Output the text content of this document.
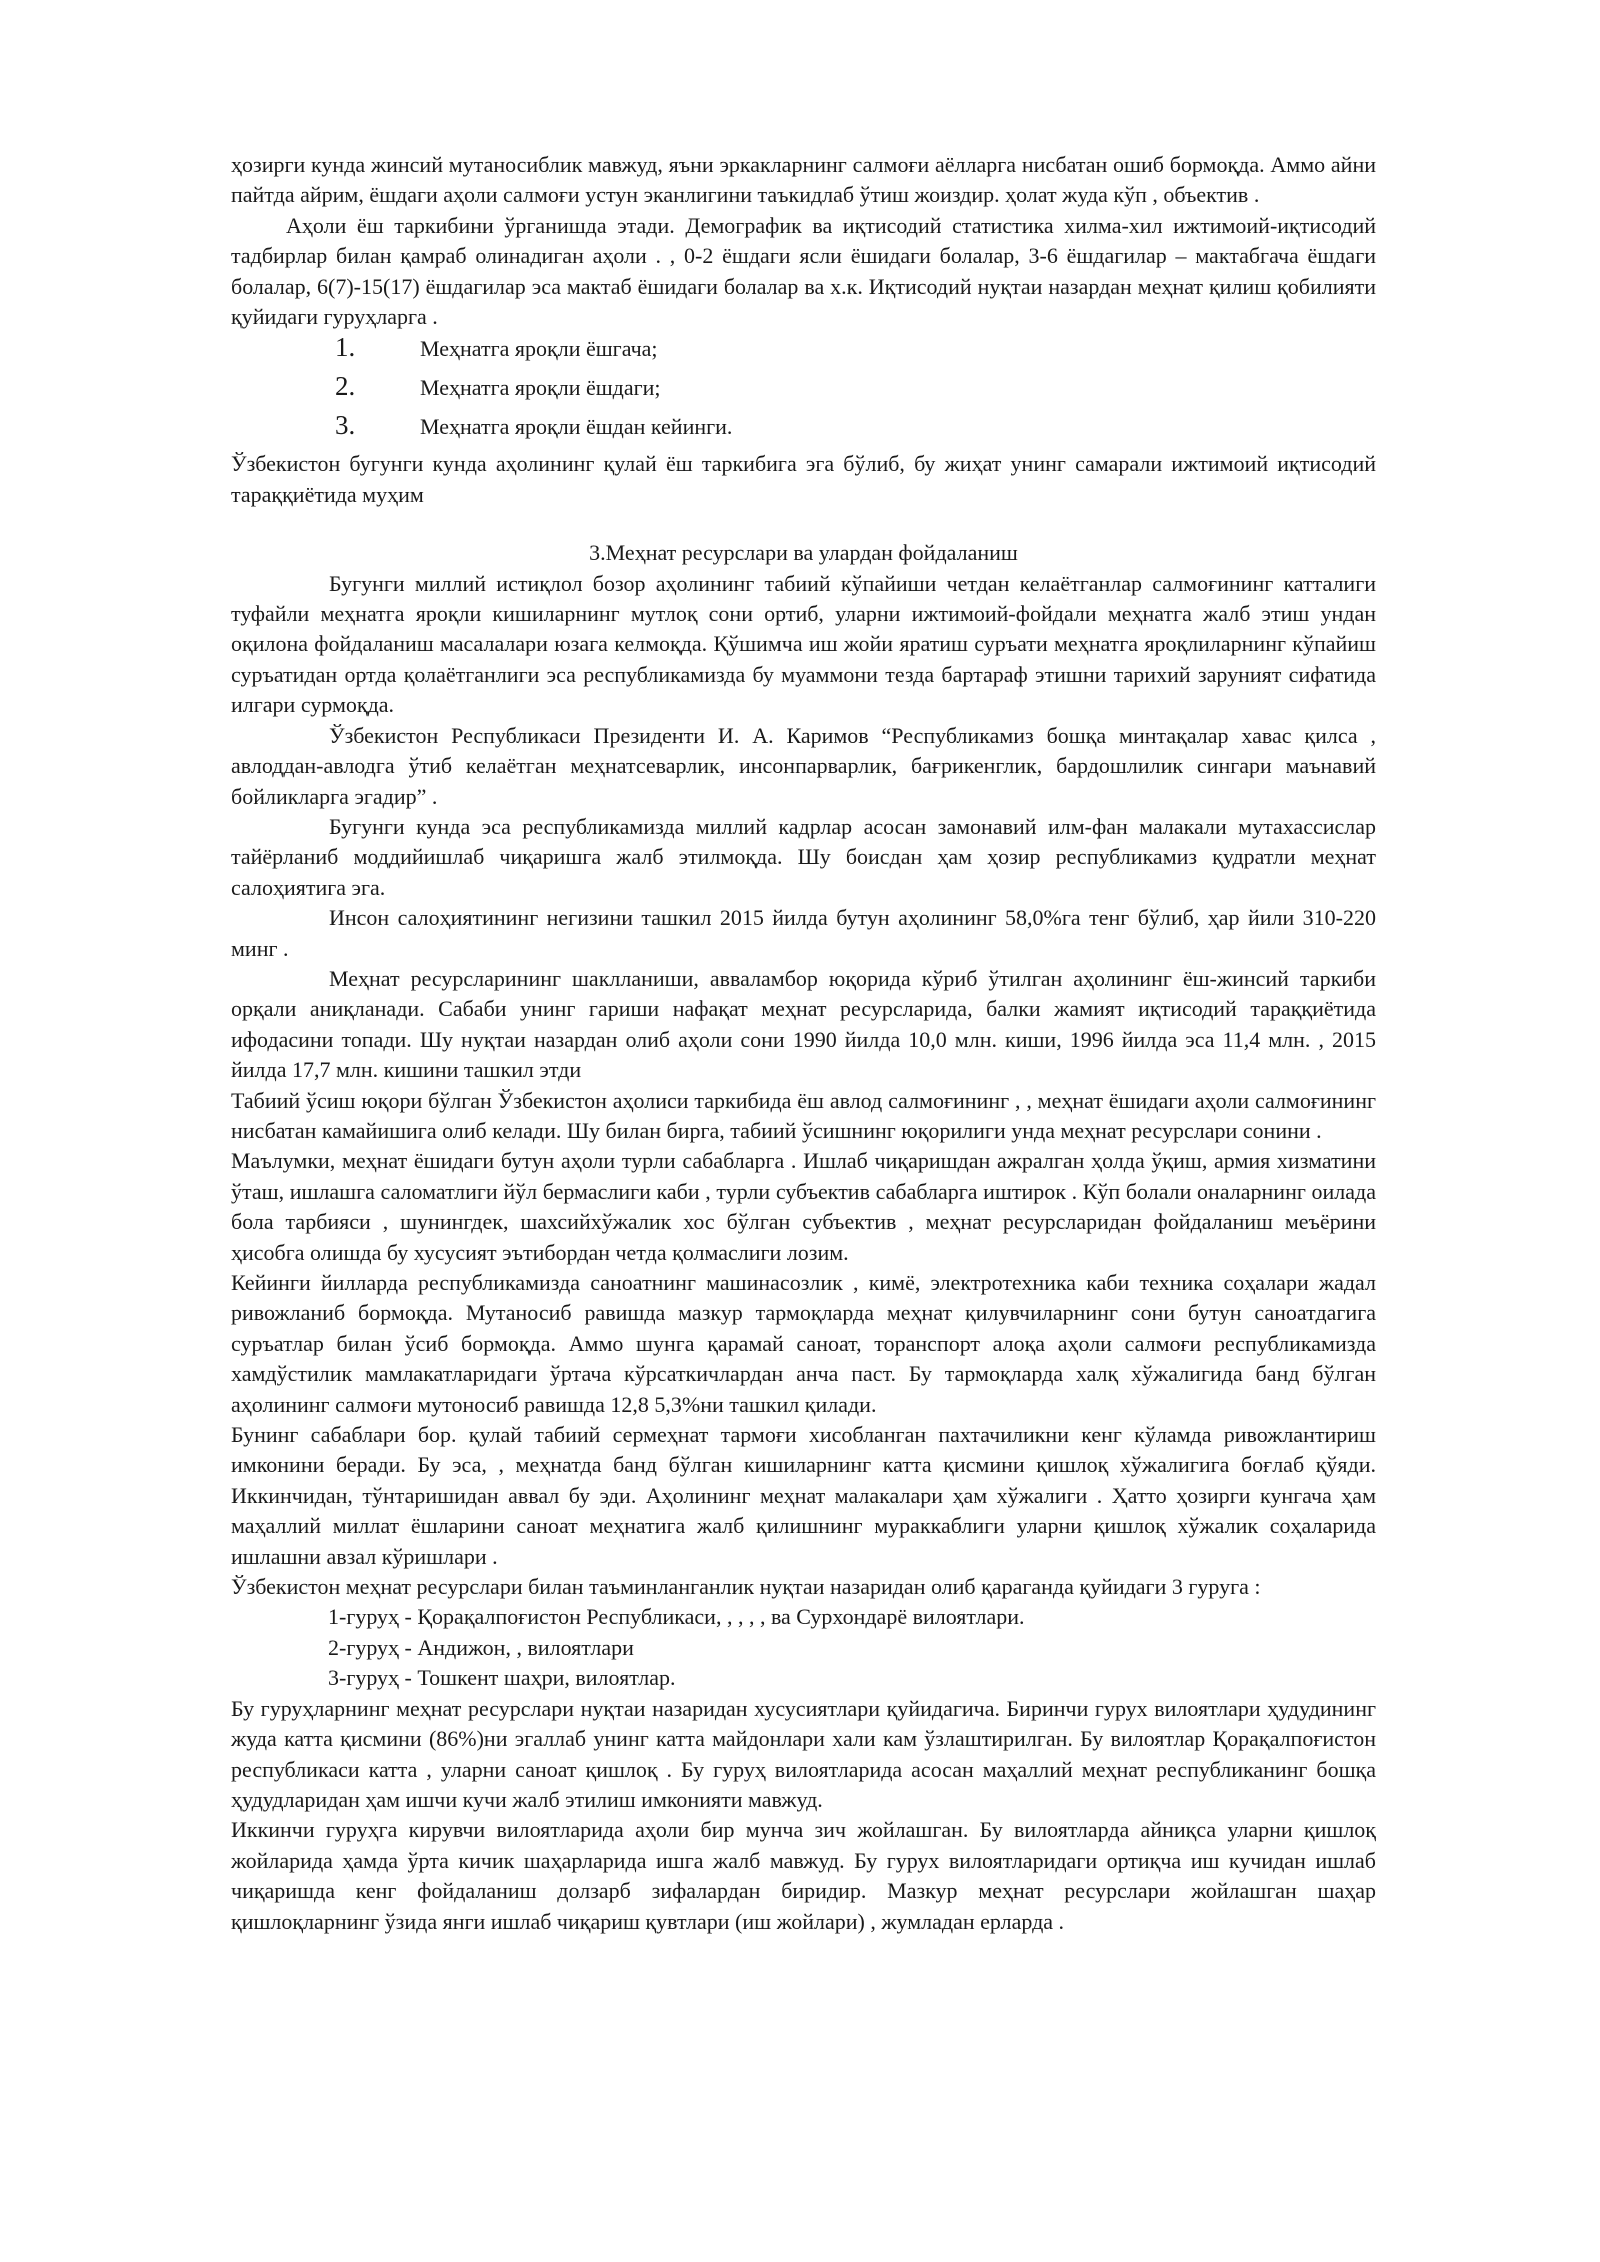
ҳозирги кунда жинсий мутаносиблик мавжуд, яъни эркакларнинг салмоғи аёлларга нисбатан ошиб бормоқда. Аммо айни пайтда айрим, ёшдаги аҳоли салмоғи устун эканлигини таъкидлаб ўтиш жоиздир. ҳолат жуда кўп , объектив .

Аҳоли ёш таркибини ўрганишда этади. Демографик ва иқтисодий статистика хилма-хил ижтимоий-иқтисодий тадбирлар билан қамраб олинадиган аҳоли . , 0-2 ёшдаги ясли ёшидаги болалар, 3-6 ёшдагилар – мактабгача ёшдаги болалар, 6(7)-15(17) ёшдагилар эса мактаб ёшидаги болалар ва х.к. Иқтисодий нуқтаи назардан меҳнат қилиш қобилияти қуйидаги гуруҳларга .

1.	Меҳнатга яроқли ёшгача;
2.	Меҳнатга яроқли ёшдаги;
3.	Меҳнатга яроқли ёшдан кейинги.

Ўзбекистон бугунги кунда аҳолининг қулай ёш таркибига эга бўлиб, бу жиҳат унинг самарали ижтимоий иқтисодий тараққиётида муҳим

3.Меҳнат ресурслари ва улардан фойдаланиш

Бугунги миллий истиқлол бозор аҳолининг табиий кўпайиши четдан келаётганлар салмоғининг катталиги туфайли меҳнатга яроқли кишиларнинг мутлоқ сони ортиб, уларни ижтимоий-фойдали меҳнатга жалб этиш ундан оқилона фойдаланиш масалалари юзага келмоқда. Қўшимча иш жойи яратиш суръати меҳнатга яроқлиларнинг кўпайиш суръатидан ортда қолаётганлиги эса республикамизда бу муаммони тезда бартараф этишни тарихий заруният сифатида илгари сурмоқда.

Ўзбекистон Республикаси Президенти И. А. Каримов “Республикамиз бошқа минтақалар хавас қилса , авлоддан-авлодга ўтиб келаётган меҳнатсеварлик, инсонпарварлик, бағрикенглик, бардошлилик сингари маънавий бойликларга эгадир” .

Бугунги кунда эса республикамизда миллий кадрлар асосан замонавий илм-фан малакали мутахассислар тайёрланиб моддийишлаб чиқаришга жалб этилмоқда. Шу боисдан ҳам ҳозир республикамиз қудратли меҳнат салоҳиятига эга.

Инсон салоҳиятининг негизини ташкил 2015 йилда бутун аҳолининг 58,0%га тенг бўлиб, ҳар йили 310-220 минг .

Меҳнат ресурсларининг шаклланиши, авваламбор юқорида кўриб ўтилган аҳолининг ёш-жинсий таркиби орқали аниқланади. Сабаби унинг гариши нафақат меҳнат ресурсларида, балки жамият иқтисодий тараққиётида ифодасини топади. Шу нуқтаи назардан олиб аҳоли сони 1990 йилда 10,0 млн. киши, 1996 йилда эса 11,4 млн. , 2015 йилда 17,7 млн. кишини ташкил этди

Табиий ўсиш юқори бўлган Ўзбекистон аҳолиси таркибида ёш авлод салмоғининг , , меҳнат ёшидаги аҳоли салмоғининг нисбатан камайишига олиб келади. Шу билан бирга, табиий ўсишнинг юқорилиги унда меҳнат ресурслари сонини .

Маълумки, меҳнат ёшидаги бутун аҳоли турли сабабларга . Ишлаб чиқаришдан ажралган ҳолда ўқиш, армия хизматини ўташ, ишлашга саломатлиги йўл бермаслиги каби , турли субъектив сабабларга иштирок . Кўп болали оналарнинг оилада бола тарбияси , шунингдек, шахсийхўжалик хос бўлган субъектив , меҳнат ресурсларидан фойдаланиш меъёрини ҳисобга олишда бу хусусият эътибордан четда қолмаслиги лозим.

Кейинги йилларда республикамизда саноатнинг машинасозлик , кимё, электротехника каби техника соҳалари жадал ривожланиб бормоқда. Мутаносиб равишда мазкур тармоқларда меҳнат қилувчиларнинг сони бутун саноатдагига суръатлар билан ўсиб бормоқда. Аммо шунга қарамай саноат, торанспорт алоқа аҳоли салмоғи республикамизда хамдўстилик мамлакатларидаги ўртача кўрсаткичлардан анча паст. Бу тармоқларда халқ хўжалигида банд бўлган аҳолининг салмоғи мутоносиб равишда 12,8 5,3%ни ташкил қилади.

Бунинг сабаблари бор. қулай табиий сермеҳнат тармоғи хисобланган пахтачиликни кенг кўламда ривожлантириш имконини беради. Бу эса, , меҳнатда банд бўлган кишиларнинг катта қисмини қишлоқ хўжалигига боғлаб қўяди. Иккинчидан, тўнтаришидан аввал бу эди. Аҳолининг меҳнат малакалари ҳам хўжалиги . Ҳатто ҳозирги кунгача ҳам маҳаллий миллат ёшларини саноат меҳнатига жалб қилишнинг мураккаблиги уларни қишлоқ хўжалик соҳаларида ишлашни авзал кўришлари .

Ўзбекистон меҳнат ресурслари билан таъминланганлик нуқтаи назаридан олиб қараганда қуйидаги 3 гуруга :

1-гуруҳ - Қорақалпоғистон Республикаси, , , , , ва Сурхондарё вилоятлари.

2-гуруҳ - Андижон, , вилоятлари

3-гуруҳ - Тошкент шаҳри, вилоятлар.

Бу гуруҳларнинг меҳнат ресурслари нуқтаи назаридан хусусиятлари қуйидагича. Биринчи гурух вилоятлари ҳудудининг жуда катта қисмини (86%)ни эгаллаб унинг катта майдонлари хали кам ўзлаштирилган. Бу вилоятлар Қорақалпоғистон республикаси катта , уларни саноат қишлоқ . Бу гуруҳ вилоятларида асосан маҳаллий меҳнат республиканинг бошқа ҳудудларидан ҳам ишчи кучи жалб этилиш имконияти мавжуд.

Иккинчи гуруҳга кирувчи вилоятларида аҳоли бир мунча зич жойлашган. Бу вилоятларда айниқса уларни қишлоқ жойларида ҳамда ўрта кичик шаҳарларида ишга жалб мавжуд. Бу гурух вилоятларидаги ортиқча иш кучидан ишлаб чиқаришда кенг фойдаланиш долзарб зифалардан биридир. Мазкур меҳнат ресурслари жойлашган шаҳар қишлоқларнинг ўзида янги ишлаб чиқариш қувтлари (иш жойлари) , жумладан ерларда .
